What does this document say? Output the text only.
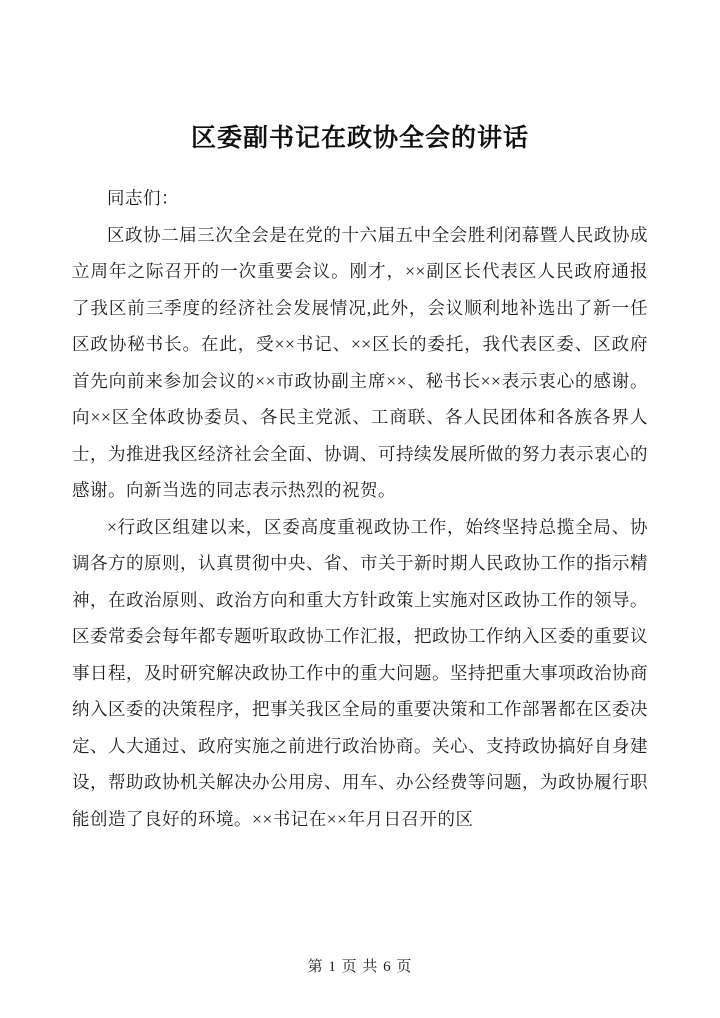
区委副书记在政协全会的讲话

同志们：

区政协二届三次全会是在党的十六届五中全会胜利闭幕暨人民政协成立周年之际召开的一次重要会议。刚才，××副区长代表区人民政府通报了我区前三季度的经济社会发展情况,此外，会议顺利地补选出了新一任区政协秘书长。在此，受××书记、××区长的委托，我代表区委、区政府首先向前来参加会议的××市政协副主席××、秘书长××表示衷心的感谢。向××区全体政协委员、各民主党派、工商联、各人民团体和各族各界人士，为推进我区经济社会全面、协调、可持续发展所做的努力表示衷心的感谢。向新当选的同志表示热烈的祝贺。

×行政区组建以来，区委高度重视政协工作，始终坚持总揽全局、协调各方的原则，认真贯彻中央、省、市关于新时期人民政协工作的指示精神，在政治原则、政治方向和重大方针政策上实施对区政协工作的领导。区委常委会每年都专题听取政协工作汇报，把政协工作纳入区委的重要议事日程，及时研究解决政协工作中的重大问题。坚持把重大事项政治协商纳入区委的决策程序，把事关我区全局的重要决策和工作部署都在区委决定、人大通过、政府实施之前进行政治协商。关心、支持政协搞好自身建设，帮助政协机关解决办公用房、用车、办公经费等问题，为政协履行职能创造了良好的环境。××书记在××年月日召开的区

第 1 页 共 6 页
